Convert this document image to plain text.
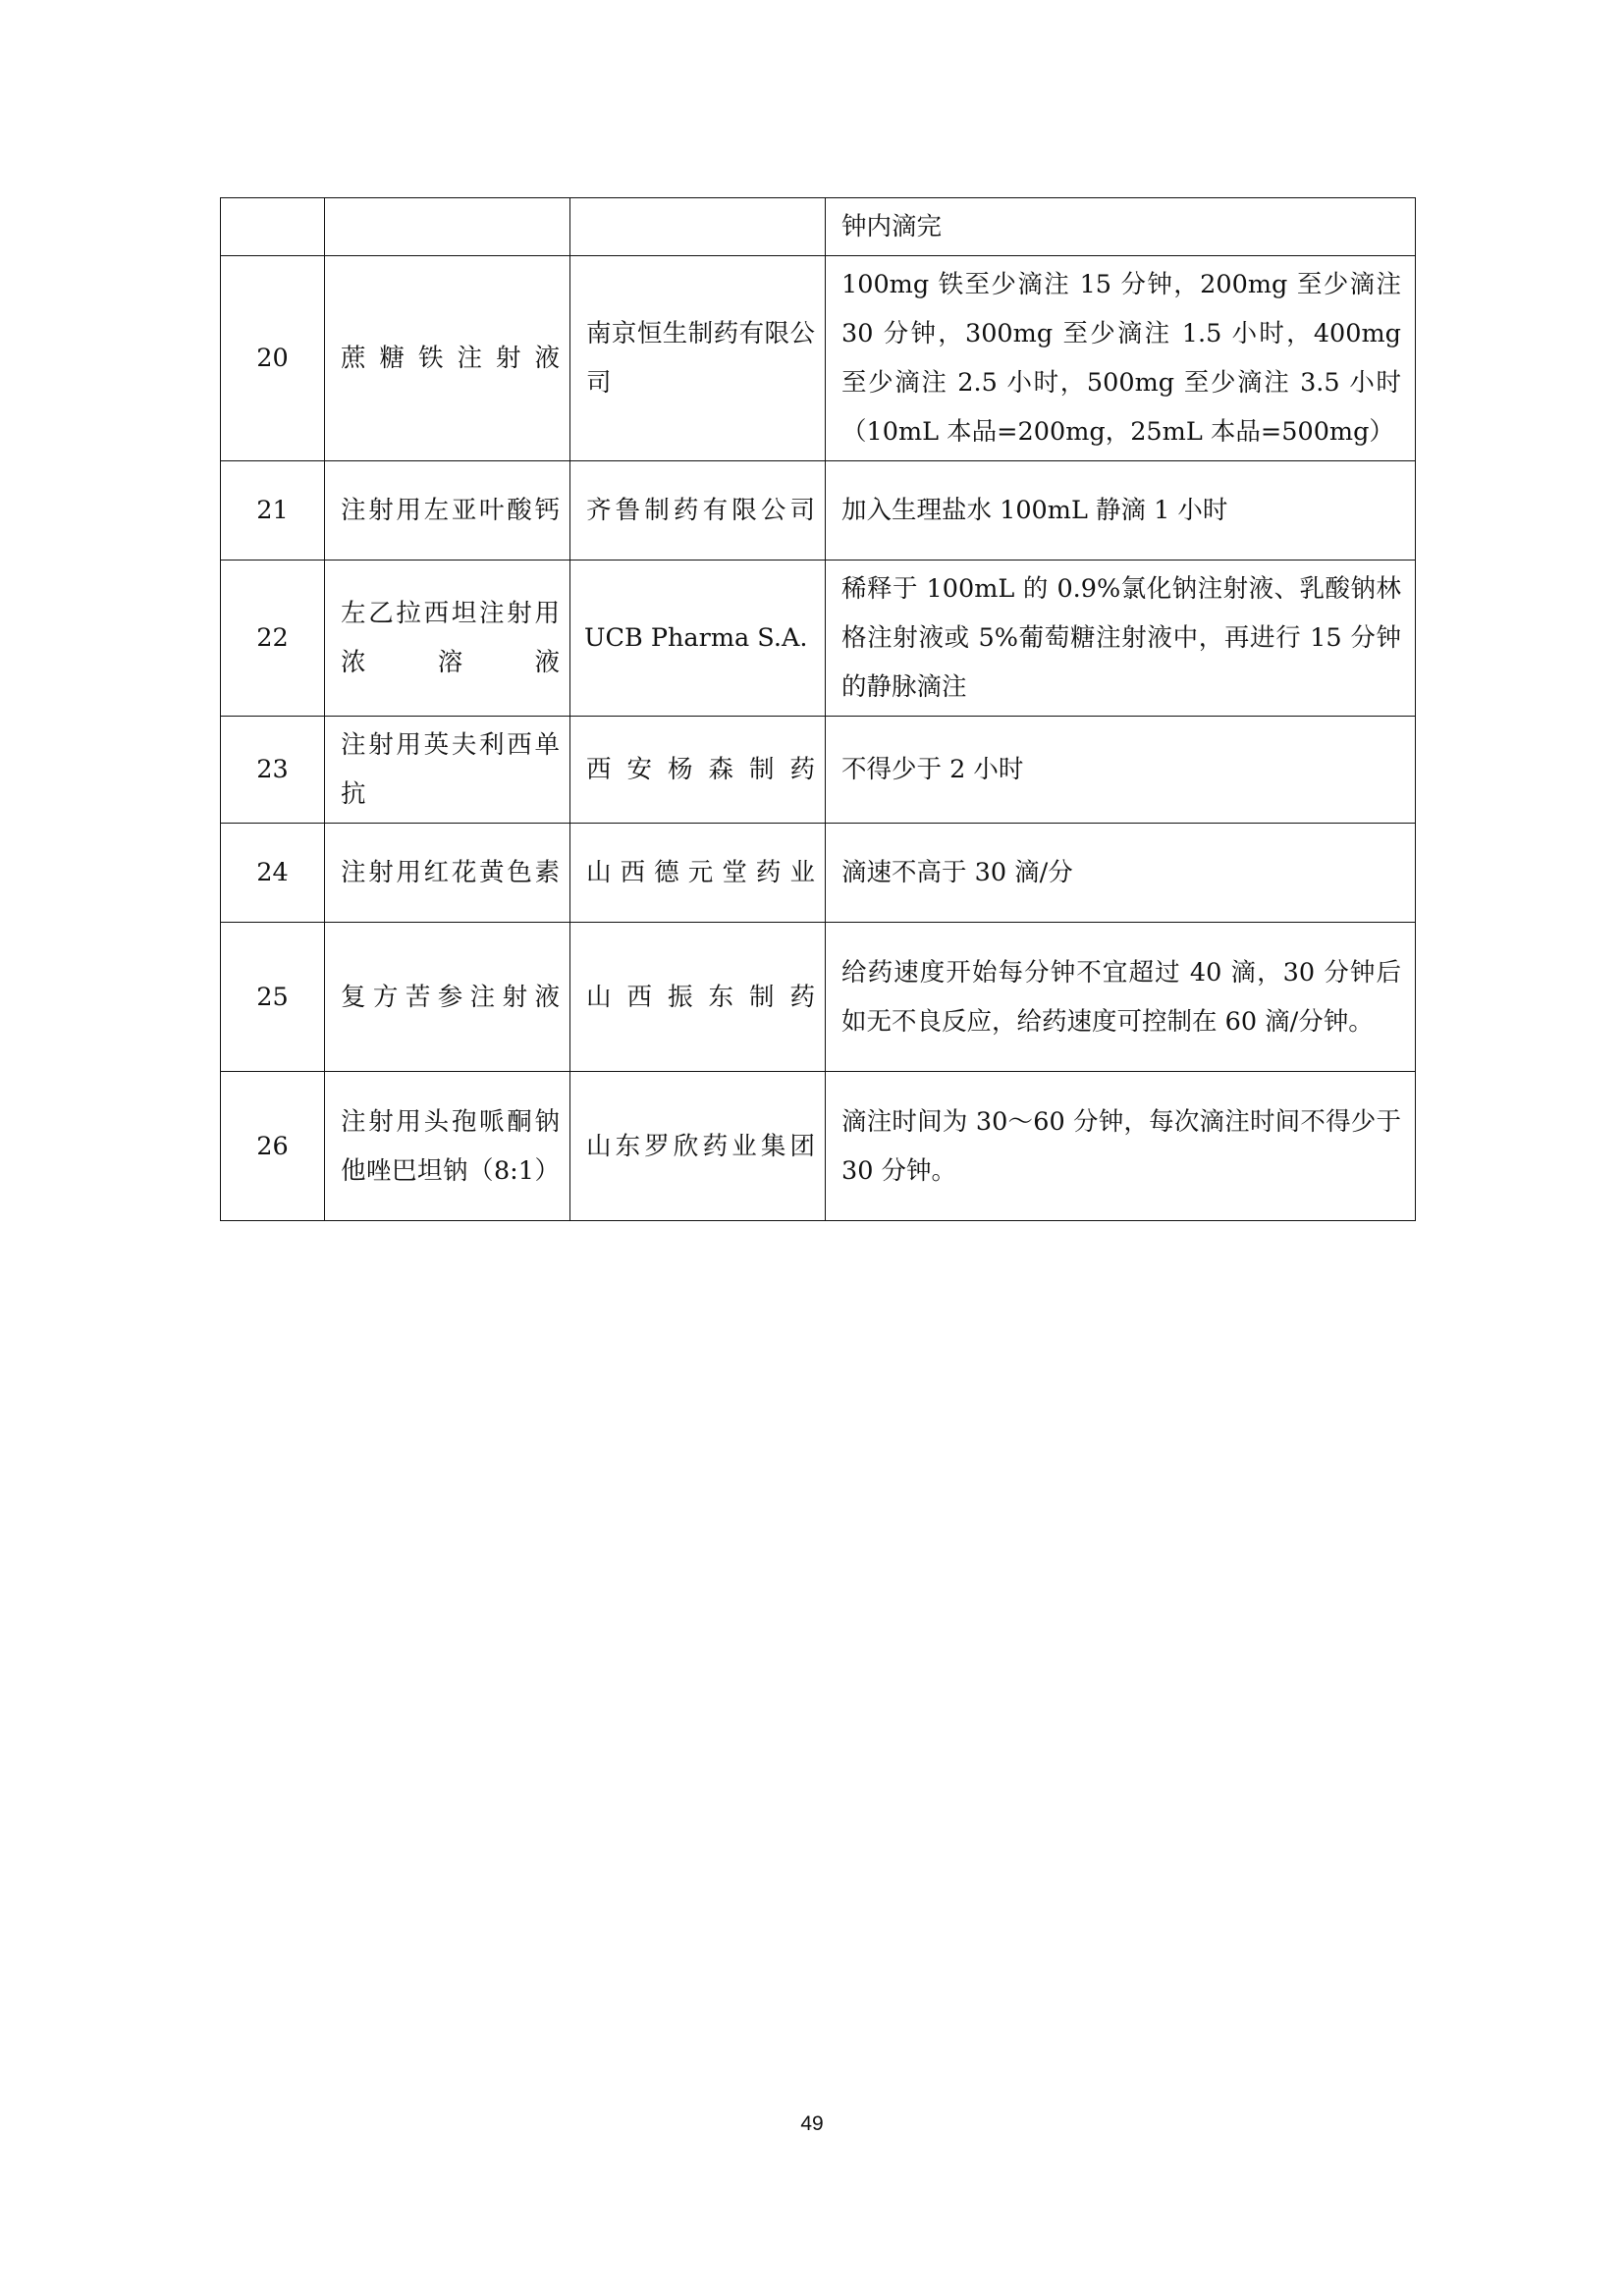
			钟内滴完
20	蔗糖铁注射液	南京恒生制药有限公司	100mg 铁至少滴注 15 分钟，200mg 至少滴注 30 分钟，300mg 至少滴注 1.5 小时，400mg 至少滴注 2.5 小时，500mg 至少滴注 3.5 小时（10mL 本品=200mg，25mL 本品=500mg）
21	注射用左亚叶酸钙	齐鲁制药有限公司	加入生理盐水 100mL 静滴 1 小时
22	左乙拉西坦注射用浓溶液	UCB Pharma S.A.	稀释于 100mL 的 0.9%氯化钠注射液、乳酸钠林格注射液或 5%葡萄糖注射液中，再进行 15 分钟的静脉滴注
23	注射用英夫利西单抗	西安杨森制药	不得少于 2 小时
24	注射用红花黄色素	山西德元堂药业	滴速不高于 30 滴/分
25	复方苦参注射液	山西振东制药	给药速度开始每分钟不宜超过 40 滴，30 分钟后如无不良反应，给药速度可控制在 60 滴/分钟。
26	注射用头孢哌酮钠他唑巴坦钠（8:1）	山东罗欣药业集团	滴注时间为 30～60 分钟，每次滴注时间不得少于 30 分钟。
49
